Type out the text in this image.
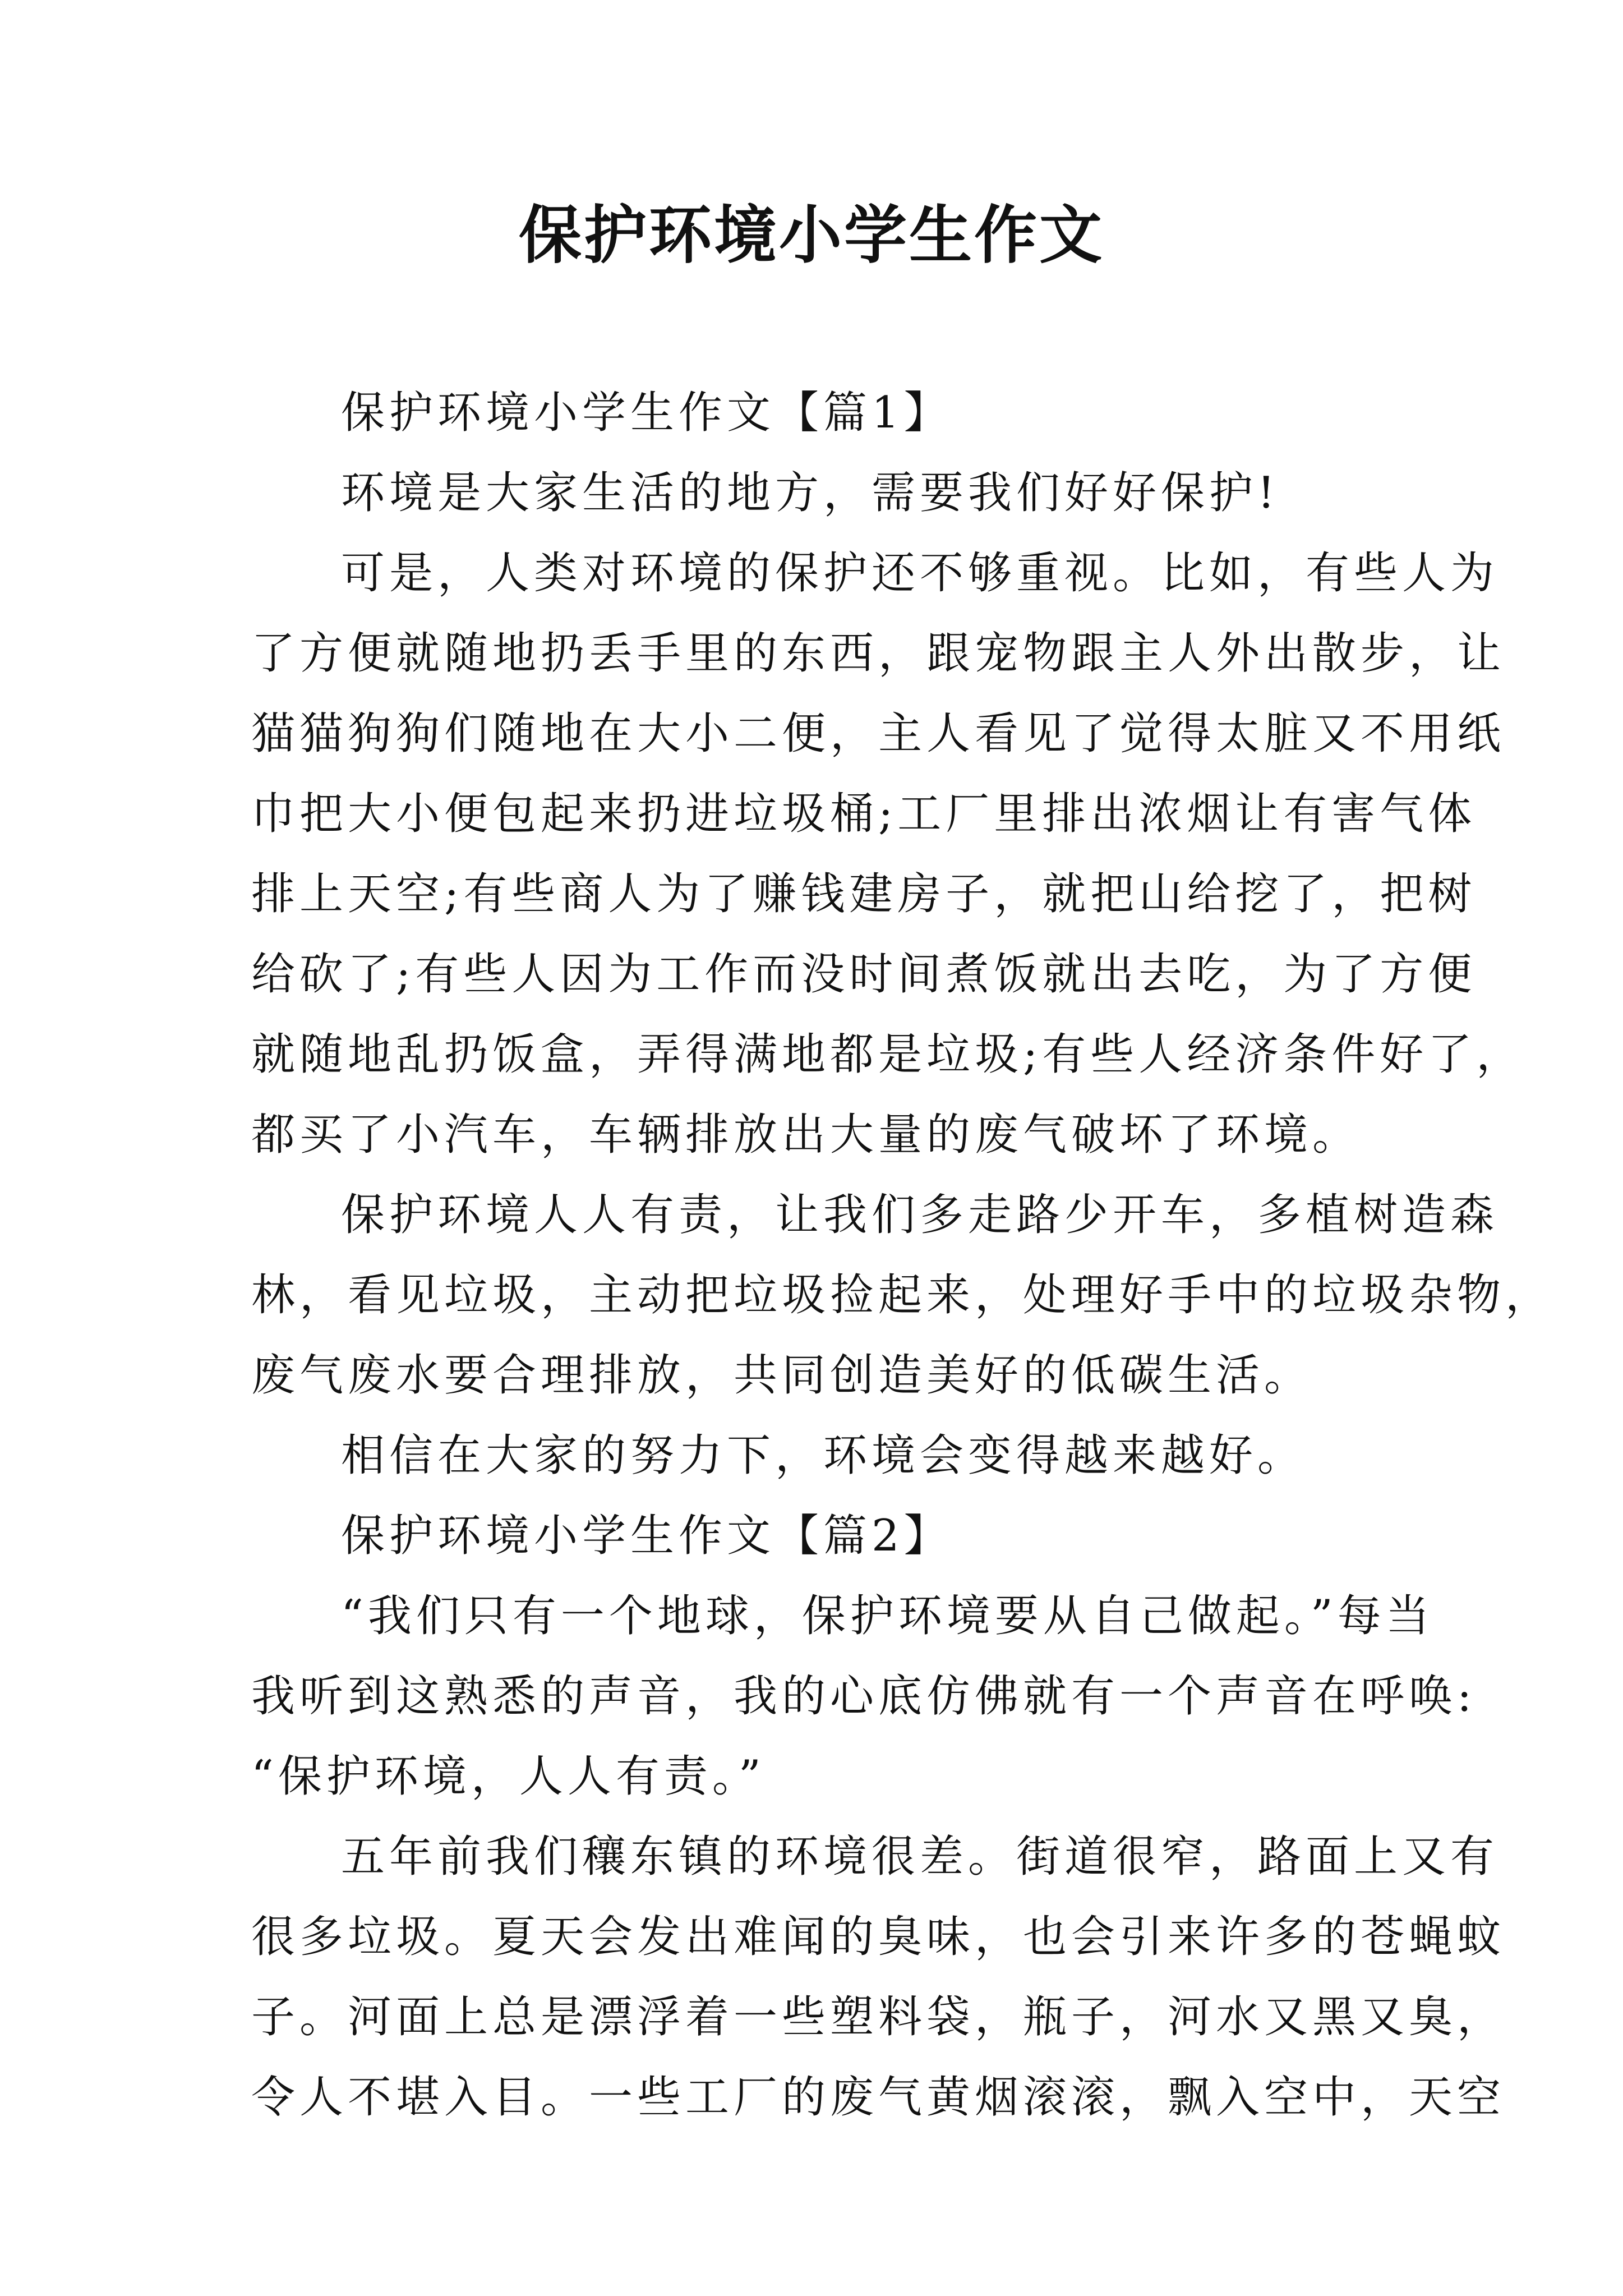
保护环境小学生作文
保护环境小学生作文【篇1】
环境是大家生活的地方，需要我们好好保护!
可是，人类对环境的保护还不够重视。比如，有些人为
了方便就随地扔丢手里的东西，跟宠物跟主人外出散步，让
猫猫狗狗们随地在大小二便，主人看见了觉得太脏又不用纸
巾把大小便包起来扔进垃圾桶;工厂里排出浓烟让有害气体
排上天空;有些商人为了赚钱建房子，就把山给挖了，把树
给砍了;有些人因为工作而没时间煮饭就出去吃，为了方便
就随地乱扔饭盒，弄得满地都是垃圾;有些人经济条件好了，
都买了小汽车，车辆排放出大量的废气破坏了环境。
保护环境人人有责，让我们多走路少开车，多植树造森
林，看见垃圾，主动把垃圾捡起来，处理好手中的垃圾杂物，
废气废水要合理排放，共同创造美好的低碳生活。
相信在大家的努力下，环境会变得越来越好。
保护环境小学生作文【篇2】
“我们只有一个地球，保护环境要从自己做起。”每当
我听到这熟悉的声音，我的心底仿佛就有一个声音在呼唤:
“保护环境，人人有责。”
五年前我们穰东镇的环境很差。街道很窄，路面上又有
很多垃圾。夏天会发出难闻的臭味，也会引来许多的苍蝇蚊
子。河面上总是漂浮着一些塑料袋，瓶子，河水又黑又臭，
令人不堪入目。一些工厂的废气黄烟滚滚，飘入空中，天空
